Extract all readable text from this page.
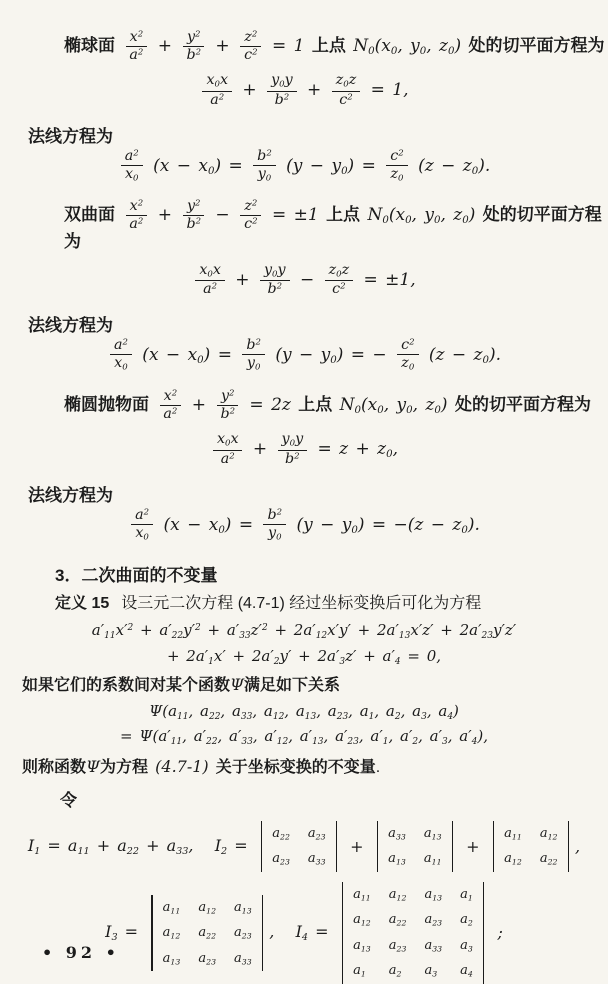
椭球面 $\frac{x^2}{a^2} + \frac{y^2}{b^2} + \frac{z^2}{c^2} = 1$ 上点 N0(x0, y0, z0) 处的切平面方程为
$\frac{x0x}{a^2} + \frac{y0y}{b^2} + \frac{z0z}{c^2} = 1$,
法线方程为
$\frac{a^2}{x0} (x - x0) = \frac{b^2}{y0} (y - y0) = \frac{c^2}{z0} (z - z0)$.
双曲面 $\frac{x^2}{a^2} + \frac{y^2}{b^2} - \frac{z^2}{c^2} = \pm 1$ 上点 N0(x0, y0, z0) 处的切平面方程为
$\frac{x0x}{a^2} + \frac{y0y}{b^2} - \frac{z0z}{c^2} = \pm 1$,
法线方程为
$\frac{a^2}{x0} (x - x0) = \frac{b^2}{y0} (y - y0)$ = − $\frac{c^2}{z0} (z - z0)$.
椭圆抛物面 $\frac{x^2}{a^2} + \frac{y^2}{b^2} = 2z$ 上点 N0(x0, y0, z0) 处的切平面方程为
$\frac{x0x}{a^2} + \frac{y0y}{b^2} = z + z0$,
法线方程为
$\frac{a^2}{x0} (x - x0) = \frac{b^2}{y0} (y - y0) = -(z - z0)$.
3．二次曲面的不变量
定义 15 设三元二次方程 (4.7-1) 经过坐标变换后可化为方程
$a'11x'^2 + a'22y'^2 + a'33z'^2 + 2a'12x'y' + 2a'13x'z' + 2a'23y'z'$
+ 2a′1x′ + 2a′2y′ + 2a′3z′ + a′4 = 0,
如果它们的系数间对某个函数Ψ满足如下关系
Ψ(a11, a22, a33, a12, a13, a23, a1, a2, a3, a4)
= Ψ(a′11, a′22, a′33, a′12, a′13, a′23, a′1, a′2, a′3, a′4),
则称函数Ψ为方程 (4.7-1) 关于坐标变换的不变量.
令
I1 = a11 + a22 + a33,   I2 =
a22 a23
a23 a33
+
a33 a13
a13 a11
+
a11 a12
a12 a22
,
I3 =
a11 a12 a13
a12 a22 a23
a13 a23 a33
,   I4 =
a11 a12 a13 a1
a12 a22 a23 a2
a13 a23 a33 a3
a1	a2	a3	a4
;
• 92 •
